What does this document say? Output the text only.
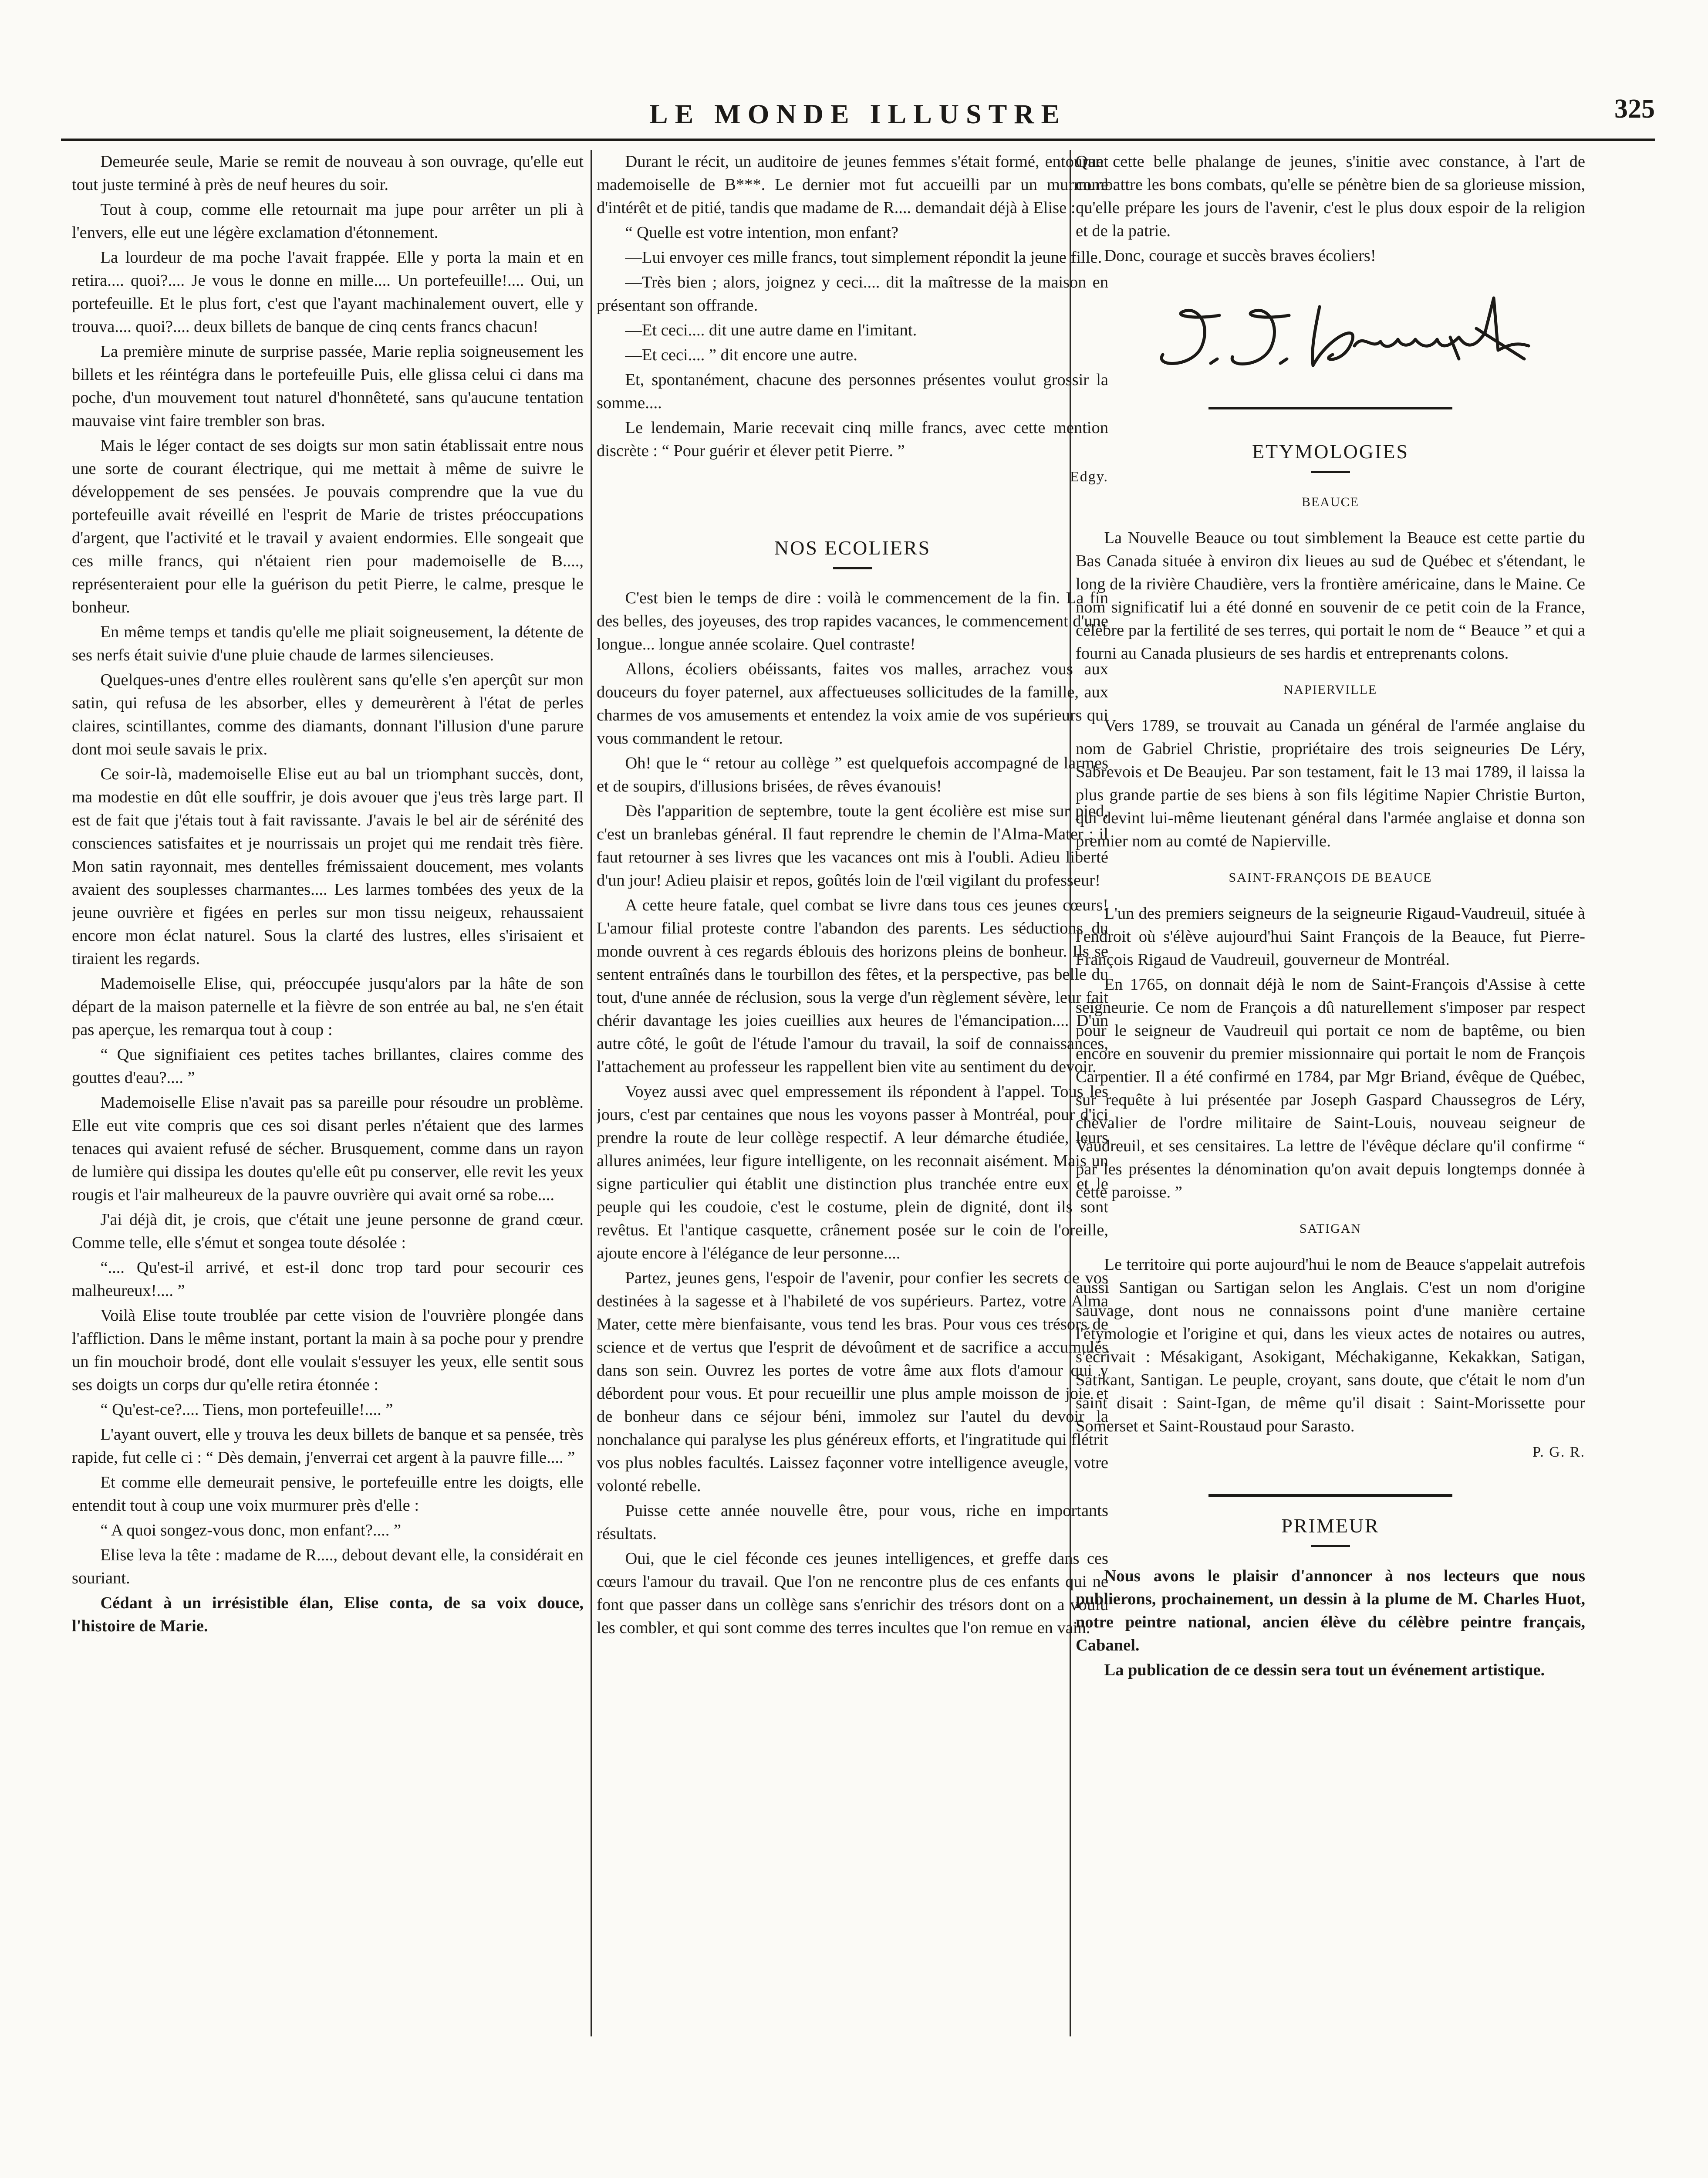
LE MONDE ILLUSTRE	325

Demeurée seule, Marie se remit de nouveau à son ouvrage, qu'elle eut tout juste terminé à près de neuf heures du soir.

Tout à coup, comme elle retournait ma jupe pour arrêter un pli à l'envers, elle eut une légère exclamation d'étonnement.

La lourdeur de ma poche l'avait frappée. Elle y porta la main et en retira.... quoi?.... Je vous le donne en mille.... Un portefeuille!.... Oui, un portefeuille. Et le plus fort, c'est que l'ayant machinalement ouvert, elle y trouva.... quoi?.... deux billets de banque de cinq cents francs chacun!

La première minute de surprise passée, Marie replia soigneusement les billets et les réintégra dans le portefeuille Puis, elle glissa celui ci dans ma poche, d'un mouvement tout naturel d'honnêteté, sans qu'aucune tentation mauvaise vint faire trembler son bras.

Mais le léger contact de ses doigts sur mon satin établissait entre nous une sorte de courant électrique, qui me mettait à même de suivre le développement de ses pensées. Je pouvais comprendre que la vue du portefeuille avait réveillé en l'esprit de Marie de tristes préoccupations d'argent, que l'activité et le travail y avaient endormies. Elle songeait que ces mille francs, qui n'étaient rien pour mademoiselle de B...., représenteraient pour elle la guérison du petit Pierre, le calme, presque le bonheur.

En même temps et tandis qu'elle me pliait soigneusement, la détente de ses nerfs était suivie d'une pluie chaude de larmes silencieuses.

Quelques-unes d'entre elles roulèrent sans qu'elle s'en aperçût sur mon satin, qui refusa de les absorber, elles y demeurèrent à l'état de perles claires, scintillantes, comme des diamants, donnant l'illusion d'une parure dont moi seule savais le prix.

Ce soir-là, mademoiselle Elise eut au bal un triomphant succès, dont, ma modestie en dût elle souffrir, je dois avouer que j'eus très large part. Il est de fait que j'étais tout à fait ravissante. J'avais le bel air de sérénité des consciences satisfaites et je nourrissais un projet qui me rendait très fière. Mon satin rayonnait, mes dentelles frémissaient doucement, mes volants avaient des souplesses charmantes.... Les larmes tombées des yeux de la jeune ouvrière et figées en perles sur mon tissu neigeux, rehaussaient encore mon éclat naturel. Sous la clarté des lustres, elles s'irisaient et tiraient les regards.

Mademoiselle Elise, qui, préoccupée jusqu'alors par la hâte de son départ de la maison paternelle et la fièvre de son entrée au bal, ne s'en était pas aperçue, les remarqua tout à coup :

“ Que signifiaient ces petites taches brillantes, claires comme des gouttes d'eau?.... ”

Mademoiselle Elise n'avait pas sa pareille pour résoudre un problème. Elle eut vite compris que ces soi disant perles n'étaient que des larmes tenaces qui avaient refusé de sécher. Brusquement, comme dans un rayon de lumière qui dissipa les doutes qu'elle eût pu conserver, elle revit les yeux rougis et l'air malheureux de la pauvre ouvrière qui avait orné sa robe....

J'ai déjà dit, je crois, que c'était une jeune personne de grand cœur. Comme telle, elle s'émut et songea toute désolée :

“.... Qu'est-il arrivé, et est-il donc trop tard pour secourir ces malheureux!.... ”

Voilà Elise toute troublée par cette vision de l'ouvrière plongée dans l'affliction. Dans le même instant, portant la main à sa poche pour y prendre un fin mouchoir brodé, dont elle voulait s'essuyer les yeux, elle sentit sous ses doigts un corps dur qu'elle retira étonnée :

“ Qu'est-ce?.... Tiens, mon portefeuille!.... ”

L'ayant ouvert, elle y trouva les deux billets de banque et sa pensée, très rapide, fut celle ci : “ Dès demain, j'enverrai cet argent à la pauvre fille.... ”

Et comme elle demeurait pensive, le portefeuille entre les doigts, elle entendit tout à coup une voix murmurer près d'elle :

“ A quoi songez-vous donc, mon enfant?.... ”

Elise leva la tête : madame de R...., debout devant elle, la considérait en souriant.

Cédant à un irrésistible élan, Elise conta, de sa voix douce, l'histoire de Marie.

Durant le récit, un auditoire de jeunes femmes s'était formé, entourant mademoiselle de B***. Le dernier mot fut accueilli par un murmure d'intérêt et de pitié, tandis que madame de R.... demandait déjà à Elise :

“ Quelle est votre intention, mon enfant?

—Lui envoyer ces mille francs, tout simplement répondit la jeune fille.

—Très bien ; alors, joignez y ceci.... dit la maîtresse de la maison en présentant son offrande.

—Et ceci.... dit une autre dame en l'imitant.

—Et ceci.... ” dit encore une autre.

Et, spontanément, chacune des personnes présentes voulut grossir la somme....

Le lendemain, Marie recevait cinq mille francs, avec cette mention discrète : “ Pour guérir et élever petit Pierre. ”

Edgy.

NOS ECOLIERS

C'est bien le temps de dire : voilà le commencement de la fin. La fin des belles, des joyeuses, des trop rapides vacances, le commencement d'une longue... longue année scolaire. Quel contraste!

Allons, écoliers obéissants, faites vos malles, arrachez vous aux douceurs du foyer paternel, aux affectueuses sollicitudes de la famille, aux charmes de vos amusements et entendez la voix amie de vos supérieurs qui vous commandent le retour.

Oh! que le “ retour au collège ” est quelquefois accompagné de larmes et de soupirs, d'illusions brisées, de rêves évanouis!

Dès l'apparition de septembre, toute la gent écolière est mise sur pied, c'est un branlebas général. Il faut reprendre le chemin de l'Alma-Mater ; il faut retourner à ses livres que les vacances ont mis à l'oubli. Adieu liberté d'un jour! Adieu plaisir et repos, goûtés loin de l'œil vigilant du professeur!

A cette heure fatale, quel combat se livre dans tous ces jeunes cœurs! L'amour filial proteste contre l'abandon des parents. Les séductions du monde ouvrent à ces regards éblouis des horizons pleins de bonheur. Ils se sentent entraînés dans le tourbillon des fêtes, et la perspective, pas belle du tout, d'une année de réclusion, sous la verge d'un règlement sévère, leur fait chérir davantage les joies cueillies aux heures de l'émancipation.... D'un autre côté, le goût de l'étude l'amour du travail, la soif de connaissances, l'attachement au professeur les rappellent bien vite au sentiment du devoir.

Voyez aussi avec quel empressement ils répondent à l'appel. Tous les jours, c'est par centaines que nous les voyons passer à Montréal, pour d'ici prendre la route de leur collège respectif. A leur démarche étudiée, leurs allures animées, leur figure intelligente, on les reconnait aisément. Mais un signe particulier qui établit une distinction plus tranchée entre eux et le peuple qui les coudoie, c'est le costume, plein de dignité, dont ils sont revêtus. Et l'antique casquette, crânement posée sur le coin de l'oreille, ajoute encore à l'élégance de leur personne....

Partez, jeunes gens, l'espoir de l'avenir, pour confier les secrets de vos destinées à la sagesse et à l'habileté de vos supérieurs. Partez, votre Alma Mater, cette mère bienfaisante, vous tend les bras. Pour vous ces trésors de science et de vertus que l'esprit de dévoûment et de sacrifice a accumulés dans son sein. Ouvrez les portes de votre âme aux flots d'amour qui y débordent pour vous. Et pour recueillir une plus ample moisson de joie et de bonheur dans ce séjour béni, immolez sur l'autel du devoir la nonchalance qui paralyse les plus généreux efforts, et l'ingratitude qui flétrit vos plus nobles facultés. Laissez façonner votre intelligence aveugle, votre volonté rebelle.

Puisse cette année nouvelle être, pour vous, riche en importants résultats.

Oui, que le ciel féconde ces jeunes intelligences, et greffe dans ces cœurs l'amour du travail. Que l'on ne rencontre plus de ces enfants qui ne font que passer dans un collège sans s'enrichir des trésors dont on a voulu les combler, et qui sont comme des terres incultes que l'on remue en vain.

Que cette belle phalange de jeunes, s'initie avec constance, à l'art de combattre les bons combats, qu'elle se pénètre bien de sa glorieuse mission, qu'elle prépare les jours de l'avenir, c'est le plus doux espoir de la religion et de la patrie.

Donc, courage et succès braves écoliers!

ETYMOLOGIES
BEAUCE

La Nouvelle Beauce ou tout simblement la Beauce est cette partie du Bas Canada située à environ dix lieues au sud de Québec et s'étendant, le long de la rivière Chaudière, vers la frontière américaine, dans le Maine. Ce nom significatif lui a été donné en souvenir de ce petit coin de la France, célèbre par la fertilité de ses terres, qui portait le nom de “ Beauce ” et qui a fourni au Canada plusieurs de ses hardis et entreprenants colons.

NAPIERVILLE

Vers 1789, se trouvait au Canada un général de l'armée anglaise du nom de Gabriel Christie, propriétaire des trois seigneuries De Léry, Sabrevois et De Beaujeu. Par son testament, fait le 13 mai 1789, il laissa la plus grande partie de ses biens à son fils légitime Napier Christie Burton, qui devint lui-même lieutenant général dans l'armée anglaise et donna son premier nom au comté de Napierville.

SAINT-FRANÇOIS DE BEAUCE

L'un des premiers seigneurs de la seigneurie Rigaud-Vaudreuil, située à l'endroit où s'élève aujourd'hui Saint François de la Beauce, fut Pierre-François Rigaud de Vaudreuil, gouverneur de Montréal.

En 1765, on donnait déjà le nom de Saint-François d'Assise à cette seigneurie. Ce nom de François a dû naturellement s'imposer par respect pour le seigneur de Vaudreuil qui portait ce nom de baptême, ou bien encore en souvenir du premier missionnaire qui portait le nom de François Carpentier. Il a été confirmé en 1784, par Mgr Briand, évêque de Québec, sur requête à lui présentée par Joseph Gaspard Chaussegros de Léry, chevalier de l'ordre militaire de Saint-Louis, nouveau seigneur de Vaudreuil, et ses censitaires. La lettre de l'évêque déclare qu'il confirme “ par les présentes la dénomination qu'on avait depuis longtemps donnée à cette paroisse. ”

SATIGAN

Le territoire qui porte aujourd'hui le nom de Beauce s'appelait autrefois aussi Santigan ou Sartigan selon les Anglais. C'est un nom d'origine sauvage, dont nous ne connaissons point d'une manière certaine l'étymologie et l'origine et qui, dans les vieux actes de notaires ou autres, s'écrivait : Mésakigant, Asokigant, Méchakiganne, Kekakkan, Satigan, Satikant, Santigan. Le peuple, croyant, sans doute, que c'était le nom d'un saint disait : Saint-Igan, de même qu'il disait : Saint-Morissette pour Somerset et Saint-Roustaud pour Sarasto.

P. G. R.

PRIMEUR

Nous avons le plaisir d'annoncer à nos lecteurs que nous publierons, prochainement, un dessin à la plume de M. Charles Huot, notre peintre national, ancien élève du célèbre peintre français, Cabanel.

La publication de ce dessin sera tout un événement artistique.
